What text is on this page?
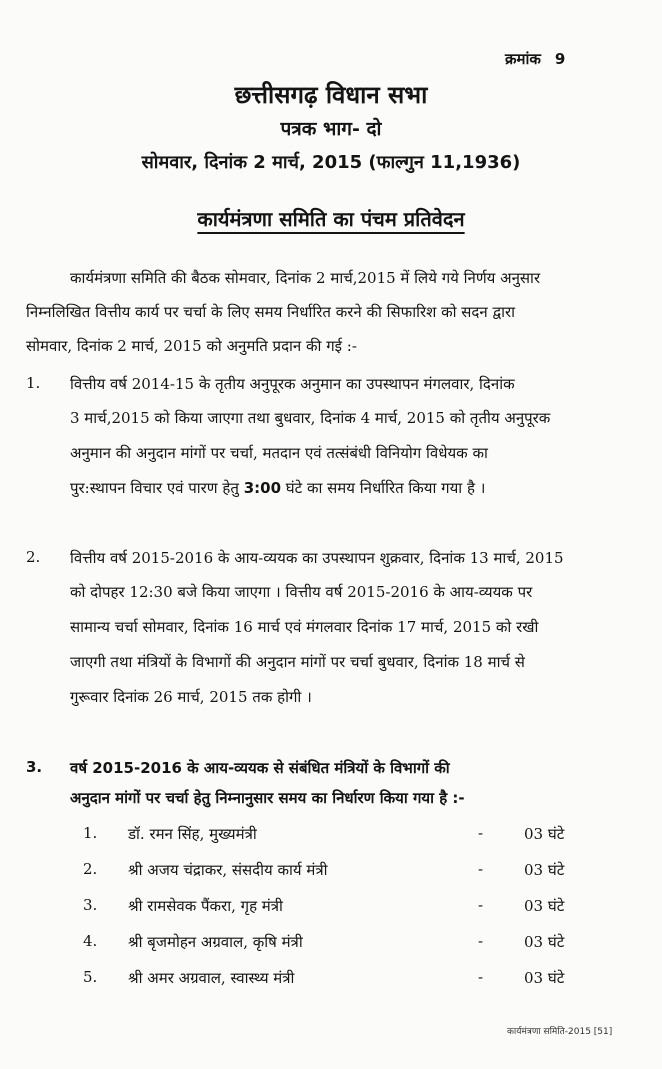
क्रमांक 9
छत्तीसगढ़ विधान सभा
पत्रक भाग- दो
सोमवार, दिनांक 2 मार्च, 2015 (फाल्गुन 11,1936)
कार्यमंत्रणा समिति का पंचम प्रतिवेदन
कार्यमंत्रणा समिति की बैठक सोमवार, दिनांक 2 मार्च,2015 में लिये गये निर्णय अनुसार
निम्नलिखित वित्तीय कार्य पर चर्चा के लिए समय निर्धारित करने की सिफारिश को सदन द्वारा
सोमवार, दिनांक 2 मार्च, 2015 को अनुमति प्रदान की गई :-
1. वित्तीय वर्ष 2014-15 के तृतीय अनुपूरक अनुमान का उपस्थापन मंगलवार, दिनांक
3 मार्च,2015 को किया जाएगा तथा बुधवार, दिनांक 4 मार्च, 2015 को तृतीय अनुपूरक
अनुमान की अनुदान मांगों पर चर्चा, मतदान एवं तत्संबंधी विनियोग विधेयक का
पुर:स्थापन विचार एवं पारण हेतु 3:00 घंटे का समय निर्धारित किया गया है ।
2. वित्तीय वर्ष 2015-2016 के आय-व्ययक का उपस्थापन शुक्रवार, दिनांक 13 मार्च, 2015
को दोपहर 12:30 बजे किया जाएगा । वित्तीय वर्ष 2015-2016 के आय-व्ययक पर
सामान्य चर्चा सोमवार, दिनांक 16 मार्च एवं मंगलवार दिनांक 17 मार्च, 2015 को रखी
जाएगी तथा मंत्रियों के विभागों की अनुदान मांगों पर चर्चा बुधवार, दिनांक 18 मार्च से
गुरूवार दिनांक 26 मार्च, 2015 तक होगी ।
3. वर्ष 2015-2016 के आय-व्ययक से संबंधित मंत्रियों के विभागों की
अनुदान मांगों पर चर्चा हेतु निम्नानुसार समय का निर्धारण किया गया है :-
1. डॉ. रमन सिंह, मुख्यमंत्री	-	03 घंटे
2. श्री अजय चंद्राकर, संसदीय कार्य मंत्री	-	03 घंटे
3. श्री रामसेवक पैंकरा, गृह मंत्री	-	03 घंटे
4. श्री बृजमोहन अग्रवाल, कृषि मंत्री	-	03 घंटे
5. श्री अमर अग्रवाल, स्वास्थ्य मंत्री	-	03 घंटे
कार्यमंत्रणा समिति-2015 [51]
